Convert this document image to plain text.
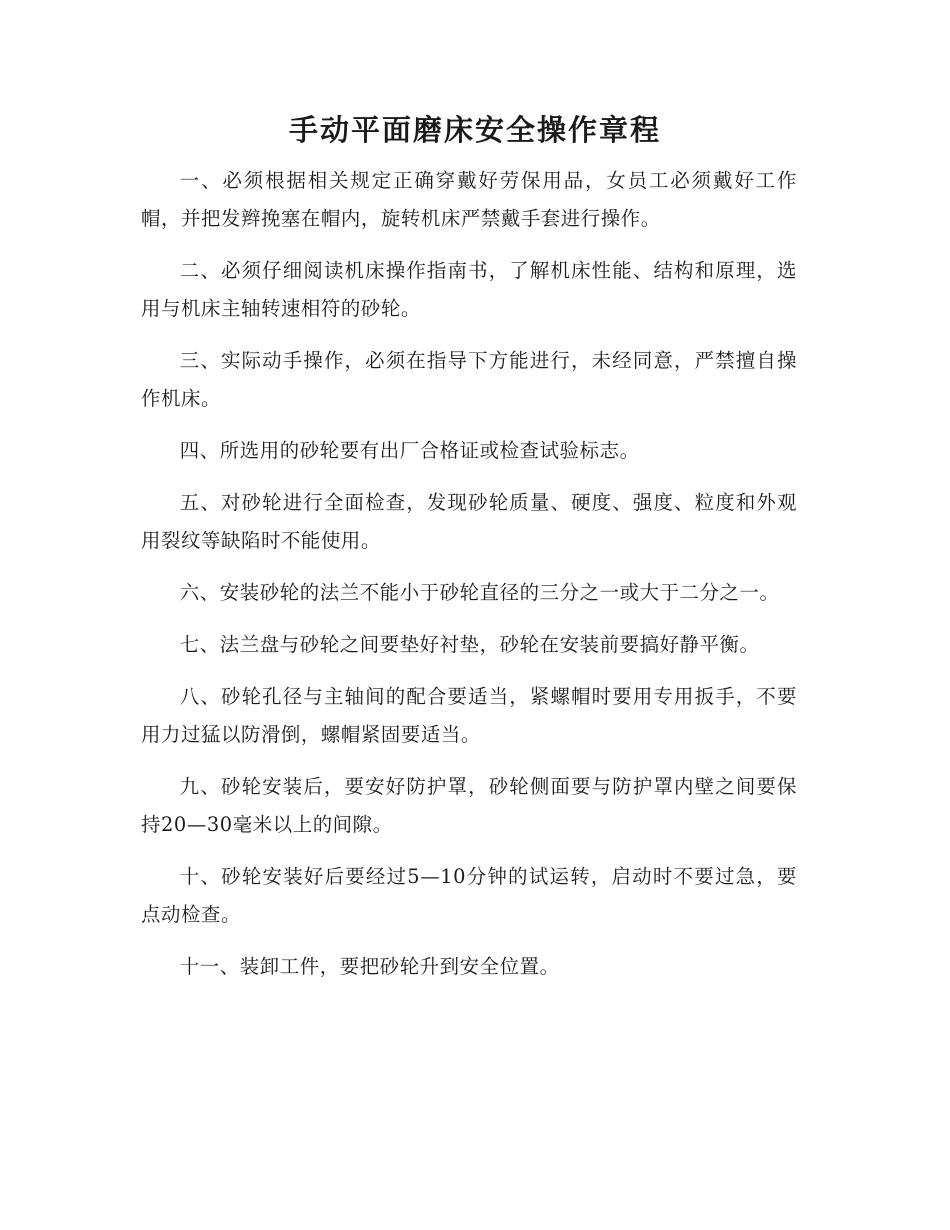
手动平面磨床安全操作章程

一、必须根据相关规定正确穿戴好劳保用品，女员工必须戴好工作帽，并把发辫挽塞在帽内，旋转机床严禁戴手套进行操作。

二、必须仔细阅读机床操作指南书，了解机床性能、结构和原理，选用与机床主轴转速相符的砂轮。

三、实际动手操作，必须在指导下方能进行，未经同意，严禁擅自操作机床。

四、所选用的砂轮要有出厂合格证或检查试验标志。

五、对砂轮进行全面检查，发现砂轮质量、硬度、强度、粒度和外观用裂纹等缺陷时不能使用。

六、安装砂轮的法兰不能小于砂轮直径的三分之一或大于二分之一。

七、法兰盘与砂轮之间要垫好衬垫，砂轮在安装前要搞好静平衡。

八、砂轮孔径与主轴间的配合要适当，紧螺帽时要用专用扳手，不要用力过猛以防滑倒，螺帽紧固要适当。

九、砂轮安装后，要安好防护罩，砂轮侧面要与防护罩内壁之间要保持20—30毫米以上的间隙。

十、砂轮安装好后要经过5—10分钟的试运转，启动时不要过急，要点动检查。

十一、装卸工件，要把砂轮升到安全位置。
